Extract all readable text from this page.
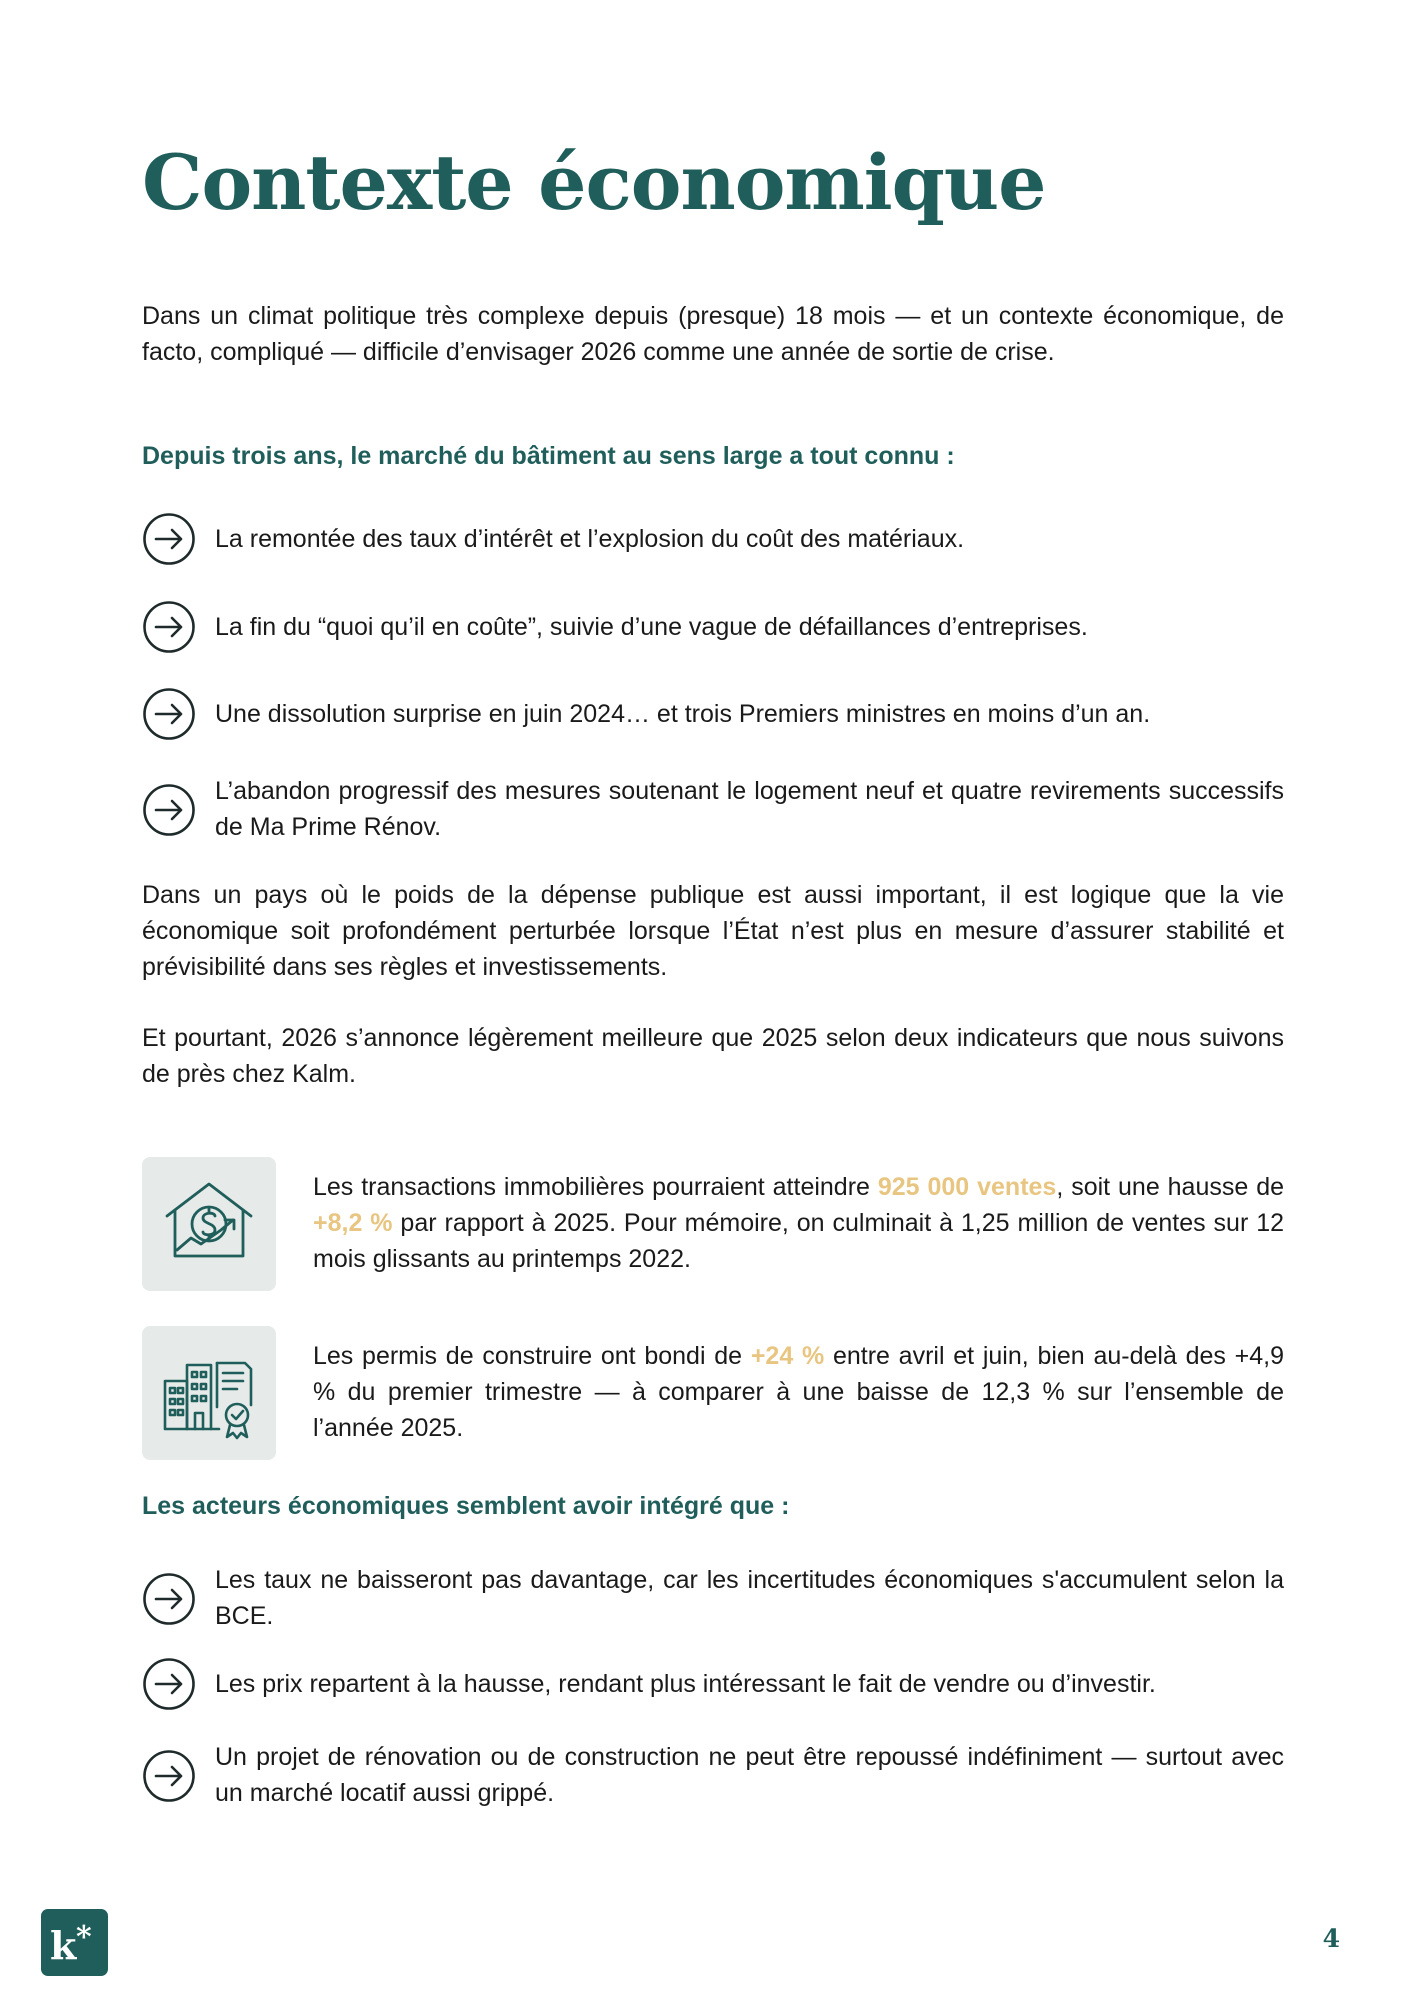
Contexte économique

Dans un climat politique très complexe depuis (presque) 18 mois — et un contexte économique, de facto, compliqué — difficile d’envisager 2026 comme une année de sortie de crise.

Depuis trois ans, le marché du bâtiment au sens large a tout connu :

La remontée des taux d’intérêt et l’explosion du coût des matériaux.

La fin du “quoi qu’il en coûte”, suivie d’une vague de défaillances d’entreprises.

Une dissolution surprise en juin 2024… et trois Premiers ministres en moins d’un an.

L’abandon progressif des mesures soutenant le logement neuf et quatre revirements successifs de Ma Prime Rénov.

Dans un pays où le poids de la dépense publique est aussi important, il est logique que la vie économique soit profondément perturbée lorsque l’État n’est plus en mesure d’assurer stabilité et prévisibilité dans ses règles et investissements.

Et pourtant, 2026 s’annonce légèrement meilleure que 2025 selon deux indicateurs que nous suivons de près chez Kalm.

Les transactions immobilières pourraient atteindre 925 000 ventes, soit une hausse de +8,2 % par rapport à 2025. Pour mémoire, on culminait à 1,25 million de ventes sur 12 mois glissants au printemps 2022.

Les permis de construire ont bondi de +24 % entre avril et juin, bien au-delà des +4,9 % du premier trimestre — à comparer à une baisse de 12,3 % sur l’ensemble de l’année 2025.

Les acteurs économiques semblent avoir intégré que :

Les taux ne baisseront pas davantage, car les incertitudes économiques s'accumulent selon la BCE.

Les prix repartent à la hausse, rendant plus intéressant le fait de vendre ou d’investir.

Un projet de rénovation ou de construction ne peut être repoussé indéfiniment — surtout avec un marché locatif aussi grippé.

k *	4
